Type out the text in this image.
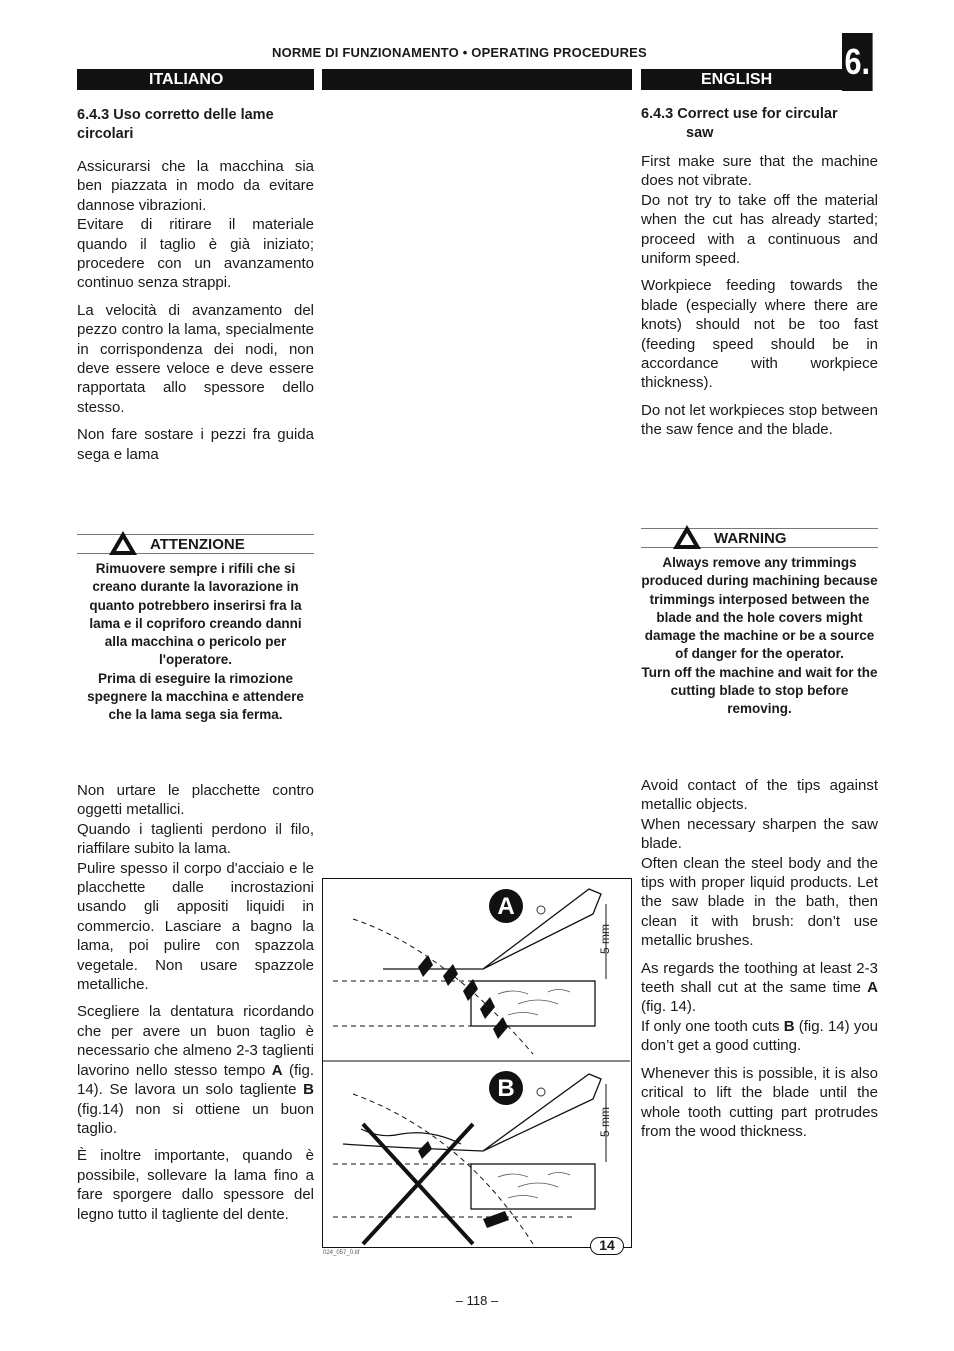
NORME DI FUNZIONAMENTO • OPERATING PROCEDURES	6.
ITALIANO	ENGLISH
6.4.3 Uso corretto delle lame
circolari

Assicurarsi che la macchina sia ben piazzata in modo da evitare dannose vibrazioni.

Evitare di ritirare il materiale quando il taglio è già iniziato; procedere con un avanzamento continuo senza strappi.

La velocità di avanzamento del pezzo contro la lama, specialmente in corrispondenza dei nodi, non deve essere veloce e deve essere rapportata allo spessore dello stesso.

Non fare sostare i pezzi fra guida sega e lama

6.4.3 Correct use for circular
saw

First make sure that the machine does not vibrate.

Do not try to take off the material when the cut has already started; proceed with a continuous and uniform speed.

Workpiece feeding towards the blade (especially where there are knots) should not be too fast (feeding speed should be in accordance with workpiece thickness).

Do not let workpieces stop between the saw fence and the blade.

ATTENZIONE
Rimuovere sempre i rifili che si creano durante la lavorazione in quanto potrebbero inserirsi fra la lama e il copriforo creando danni alla macchina o pericolo per l'operatore.
Prima di eseguire la rimozione spegnere la macchina e attendere che la lama sega sia ferma.
WARNING
Always remove any trimmings produced during machining because trimmings interposed between the blade and the hole covers might damage the machine or be a source of danger for the operator.
Turn off the machine and wait for the cutting blade to stop before removing.

Non urtare le placchette contro oggetti metallici.

Quando i taglienti perdono il filo, riaffilare subito la lama.

Pulire spesso il corpo d'acciaio e le placchette dalle incrostazioni usando gli appositi liquidi in commercio. Lasciare a bagno la lama, poi pulire con spazzola vegetale. Non usare spazzole metalliche.

Scegliere la dentatura ricordando che per avere un buon taglio è necessario che almeno 2-3 taglienti lavorino nello stesso tempo A (fig. 14). Se lavora un solo tagliente B (fig.14) non si ottiene un buon taglio.

È inoltre importante, quando è possibile, sollevare la lama fino a fare sporgere dallo spessore del legno tutto il tagliente del dente.

Avoid contact of the tips against metallic objects.

When necessary sharpen the saw blade.

Often clean the steel body and the tips with proper liquid products. Let the saw blade in the bath, then clean it with brush: don’t use metallic brushes.

As regards the toothing at least 2-3 teeth shall cut at the same time A (fig. 14).

If only one tooth cuts B (fig. 14) you don’t get a good cutting.

Whenever this is possible, it is also critical to lift the blade until the whole tooth cutting part protrudes from the wood thickness.

A
5 mm
B
5 mm
14
024_057_0.tif
– 118 –
